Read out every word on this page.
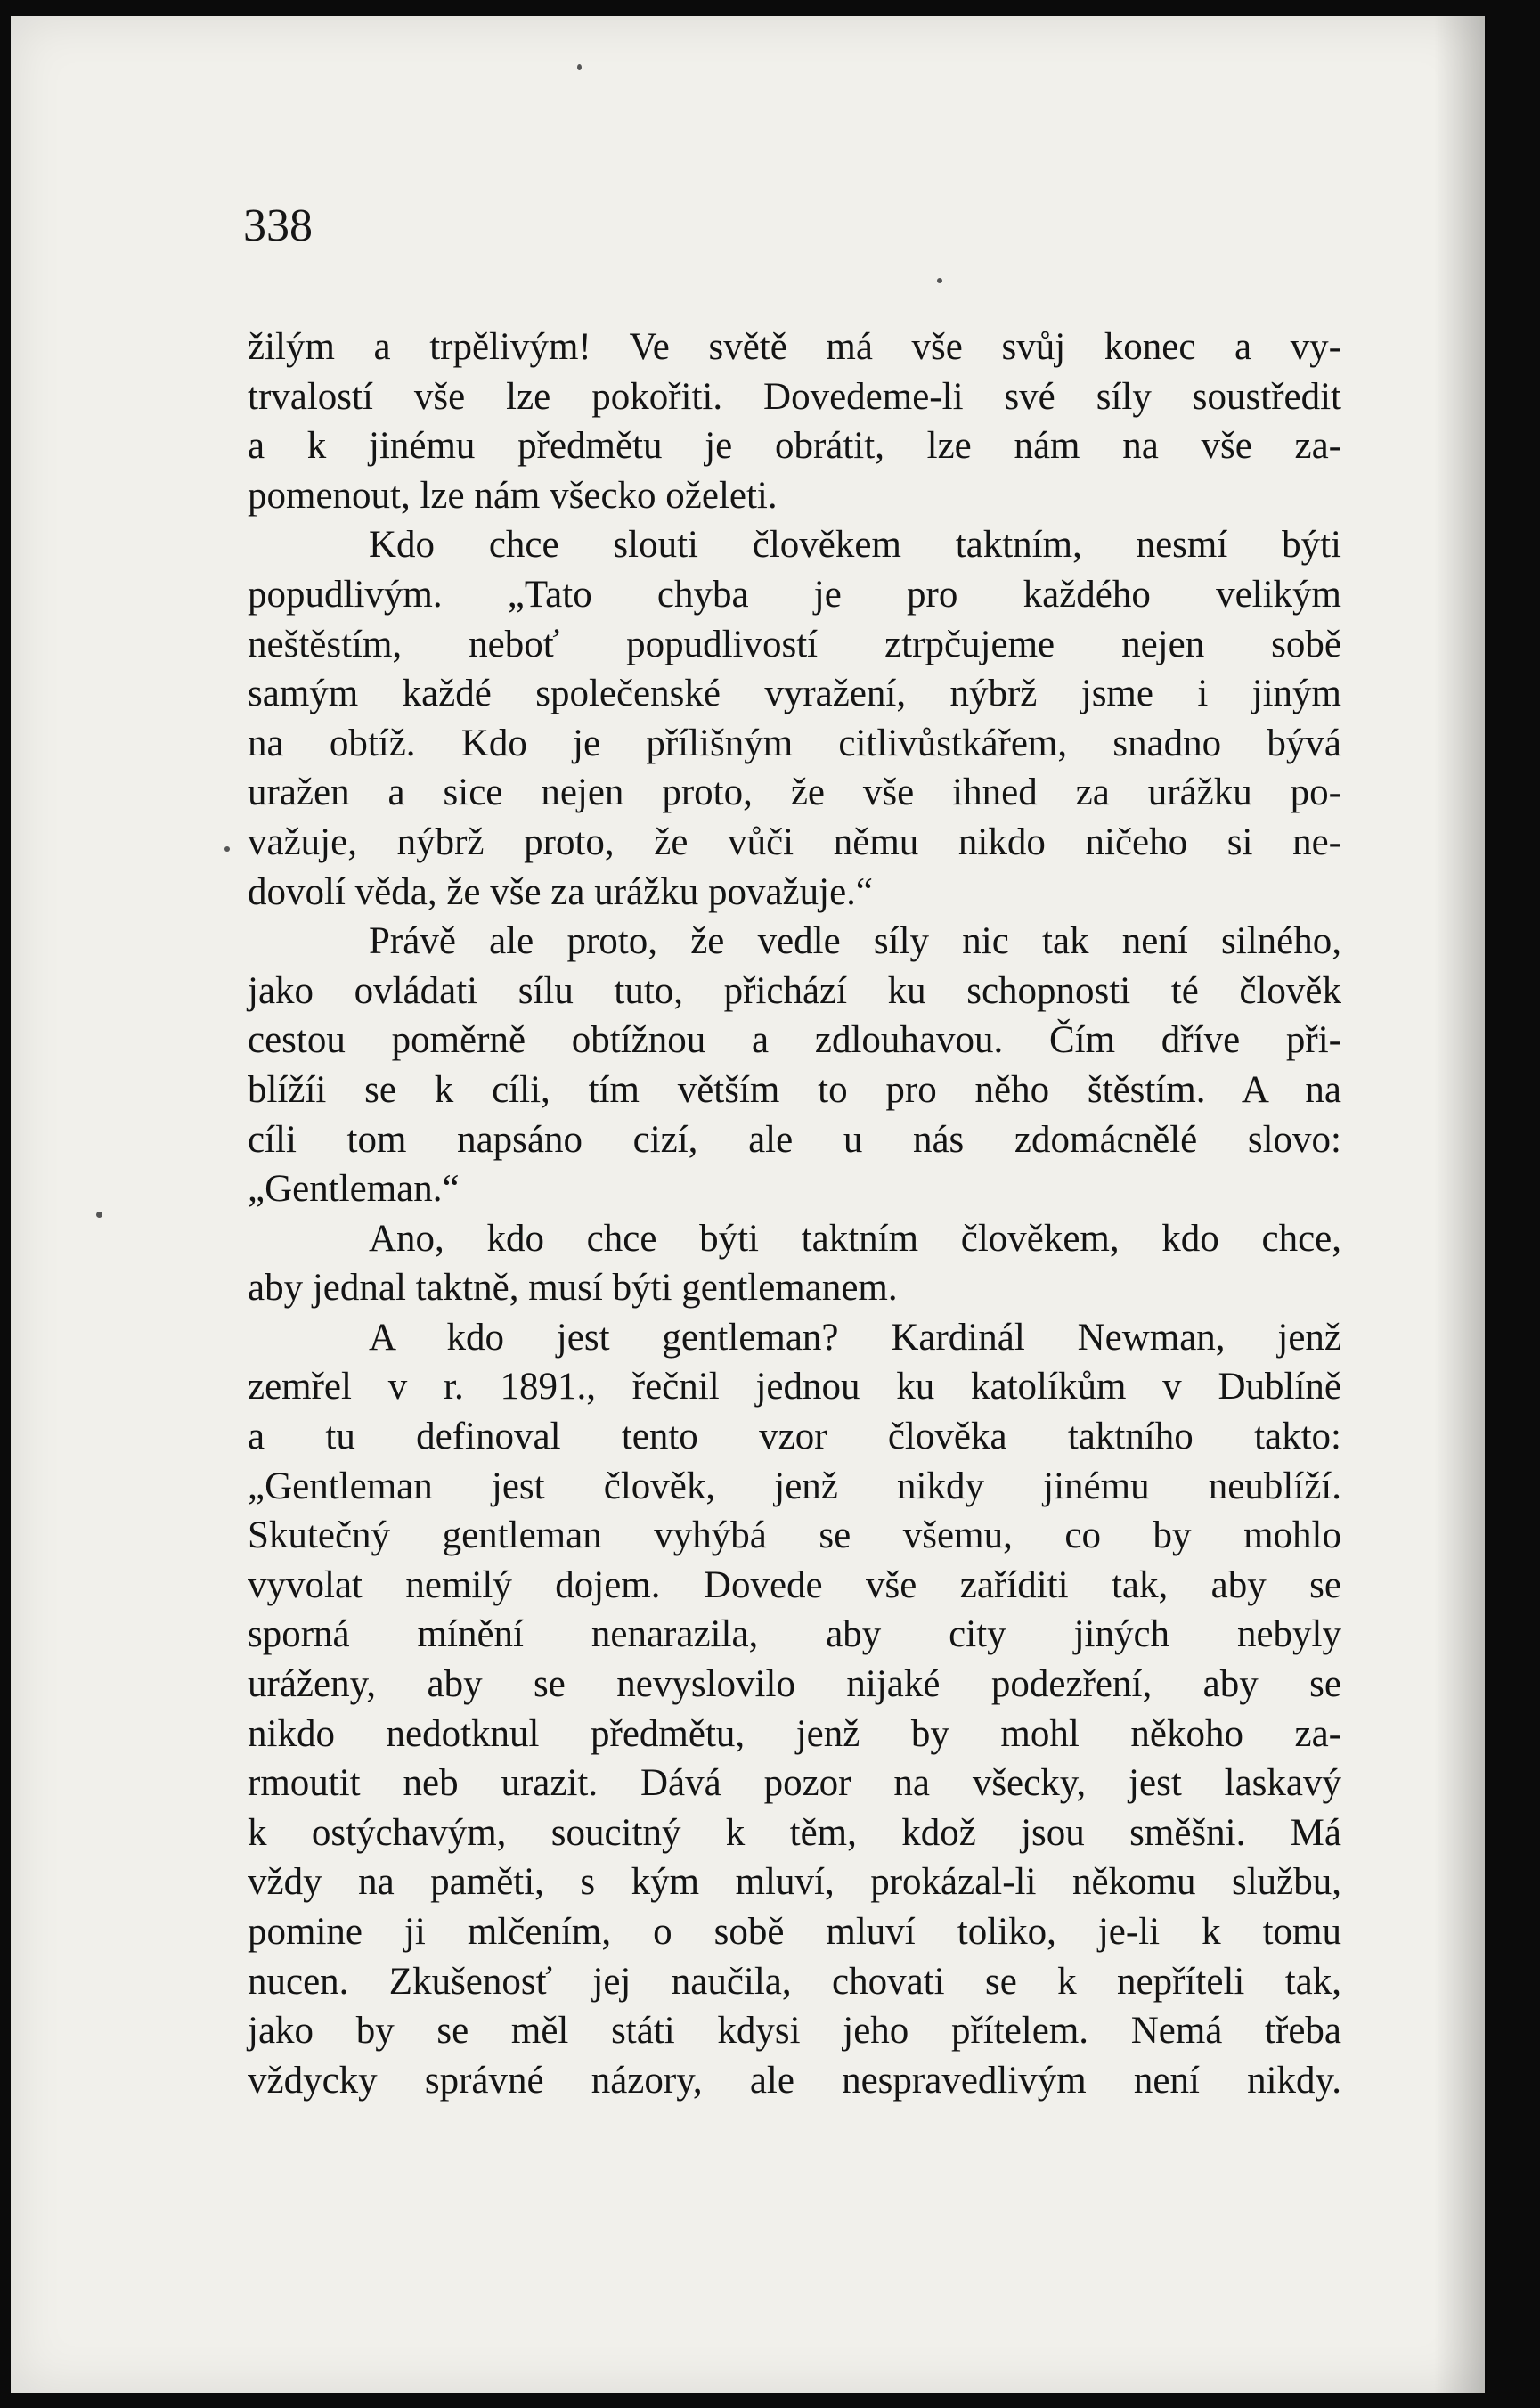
338
žilým a trpělivým! Ve světě má vše svůj konec a vy-
trvalostí vše lze pokořiti. Dovedeme-li své síly soustředit
a k jinému předmětu je obrátit, lze nám na vše za-
pomenout, lze nám všecko oželeti.
Kdo chce slouti člověkem taktním, nesmí býti
popudlivým. „Tato chyba je pro každého velikým
neštěstím, neboť popudlivostí ztrpčujeme nejen sobě
samým každé společenské vyražení, nýbrž jsme i jiným
na obtíž. Kdo je přílišným citlivůstkářem, snadno bývá
uražen a sice nejen proto, že vše ihned za urážku po-
važuje, nýbrž proto, že vůči němu nikdo ničeho si ne-
dovolí věda, že vše za urážku považuje.“
Právě ale proto, že vedle síly nic tak není silného,
jako ovládati sílu tuto, přichází ku schopnosti té člověk
cestou poměrně obtížnou a zdlouhavou. Čím dříve při-
blížíi se k cíli, tím větším to pro něho štěstím. A na
cíli tom napsáno cizí, ale u nás zdomácnělé slovo:
„Gentleman.“
Ano, kdo chce býti taktním člověkem, kdo chce,
aby jednal taktně, musí býti gentlemanem.
A kdo jest gentleman? Kardinál Newman, jenž
zemřel v r. 1891., řečnil jednou ku katolíkům v Dublíně
a tu definoval tento vzor člověka taktního takto:
„Gentleman jest člověk, jenž nikdy jinému neublíží.
Skutečný gentleman vyhýbá se všemu, co by mohlo
vyvolat nemilý dojem. Dovede vše zaříditi tak, aby se
sporná mínění nenarazila, aby city jiných nebyly
uráženy, aby se nevyslovilo nijaké podezření, aby se
nikdo nedotknul předmětu, jenž by mohl někoho za-
rmoutit neb urazit. Dává pozor na všecky, jest laskavý
k ostýchavým, soucitný k těm, kdož jsou směšni. Má
vždy na paměti, s kým mluví, prokázal-li někomu službu,
pomine ji mlčením, o sobě mluví toliko, je-li k tomu
nucen. Zkušenosť jej naučila, chovati se k nepříteli tak,
jako by se měl státi kdysi jeho přítelem. Nemá třeba
vždycky správné názory, ale nespravedlivým není nikdy.
